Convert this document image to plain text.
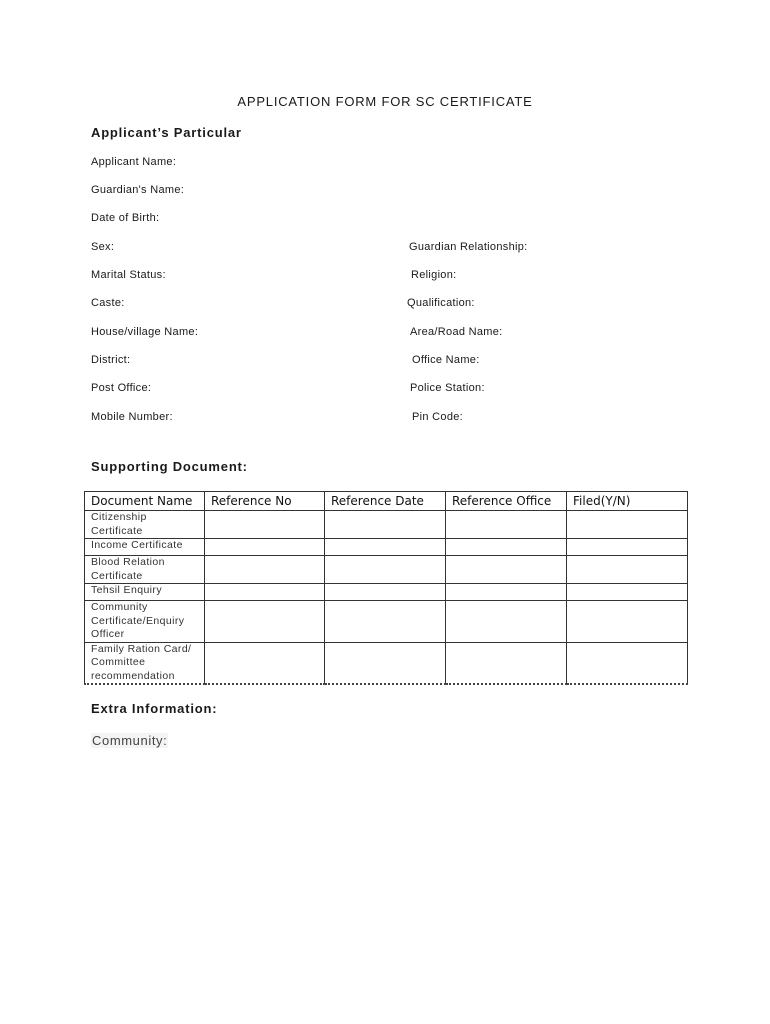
APPLICATION FORM FOR SC CERTIFICATE
Applicant’s Particular
Applicant Name:
Guardian's Name:
Date of Birth:
Sex:
Marital Status:
Caste:
House/village Name:
District:
Post Office:
Mobile Number:
Guardian Relationship:
Religion:
Qualification:
Area/Road Name:
Office Name:
Police Station:
Pin Code:
Supporting Document:
Document Name	Reference No	Reference Date	Reference Office	Filed(Y/N)
Citizenship Certificate				
Income Certificate				
Blood Relation Certificate				
Tehsil Enquiry				
Community Certificate/Enquiry Officer				
Family Ration Card/ Committee recommendation				
Extra Information:
Community:
